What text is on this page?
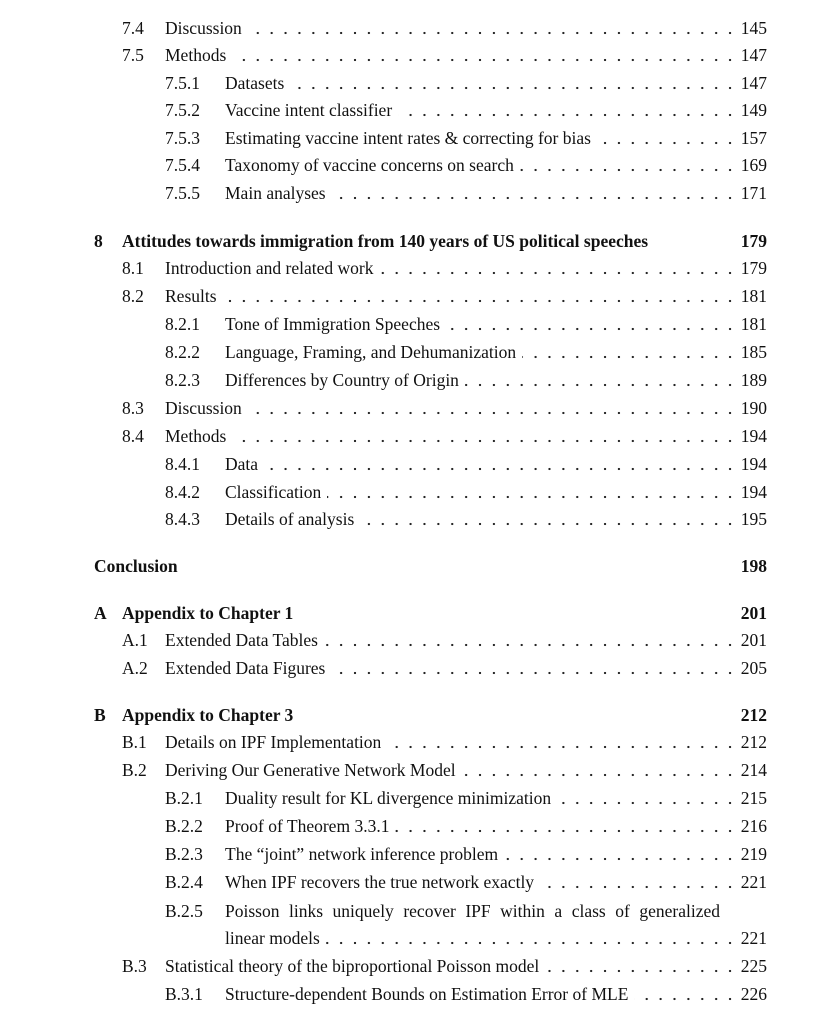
7.4 Discussion	145
7.5 Methods	147
7.5.1 Datasets	147
7.5.2 Vaccine intent classifier	149
7.5.3 Estimating vaccine intent rates & correcting for bias	157
7.5.4 Taxonomy of vaccine concerns on search	169
7.5.5 Main analyses	171
8 Attitudes towards immigration from 140 years of US political speeches	179
8.1 Introduction and related work	179
8.2 Results	181
8.2.1 Tone of Immigration Speeches	181
8.2.2 Language, Framing, and Dehumanization	185
8.2.3 Differences by Country of Origin	189
8.3 Discussion	190
8.4 Methods	194
8.4.1 Data	194
8.4.2 Classification	194
8.4.3 Details of analysis	195
Conclusion	198
A Appendix to Chapter 1	201
A.1 Extended Data Tables	201
A.2 Extended Data Figures	205
B Appendix to Chapter 3	212
B.1 Details on IPF Implementation	212
B.2 Deriving Our Generative Network Model	214
B.2.1 Duality result for KL divergence minimization	215
B.2.2 Proof of Theorem 3.3.1	216
B.2.3 The “joint” network inference problem	219
B.2.4 When IPF recovers the true network exactly	221
B.2.5 Poisson links uniquely recover IPF within a class of generalized
linear models	221
B.3 Statistical theory of the biproportional Poisson model	225
B.3.1 Structure-dependent Bounds on Estimation Error of MLE	226
